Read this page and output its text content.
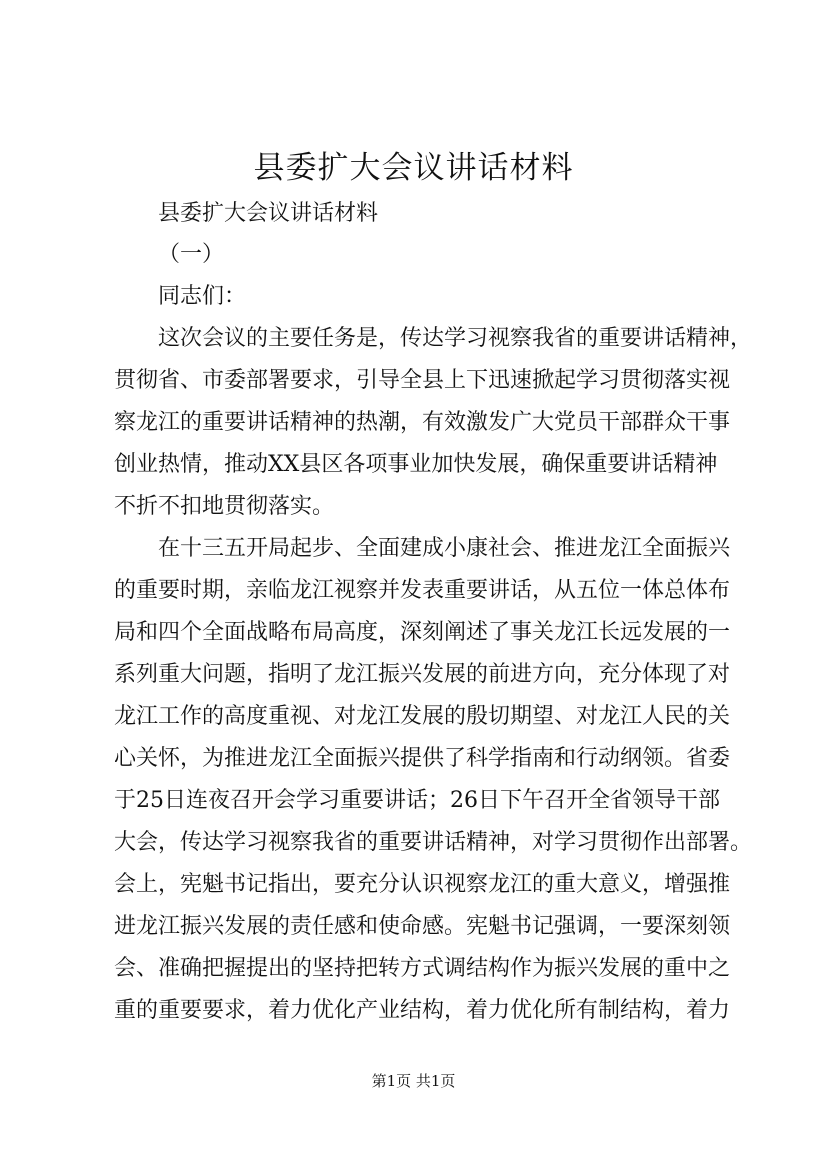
县委扩大会议讲话材料
县委扩大会议讲话材料
（一）
同志们：
这次会议的主要任务是，传达学习视察我省的重要讲话精神，
贯彻省、市委部署要求，引导全县上下迅速掀起学习贯彻落实视
察龙江的重要讲话精神的热潮，有效激发广大党员干部群众干事
创业热情，推动XX县区各项事业加快发展，确保重要讲话精神
不折不扣地贯彻落实。
在十三五开局起步、全面建成小康社会、推进龙江全面振兴
的重要时期，亲临龙江视察并发表重要讲话，从五位一体总体布
局和四个全面战略布局高度，深刻阐述了事关龙江长远发展的一
系列重大问题，指明了龙江振兴发展的前进方向，充分体现了对
龙江工作的高度重视、对龙江发展的殷切期望、对龙江人民的关
心关怀，为推进龙江全面振兴提供了科学指南和行动纲领。省委
于25日连夜召开会学习重要讲话；26日下午召开全省领导干部
大会，传达学习视察我省的重要讲话精神，对学习贯彻作出部署。
会上，宪魁书记指出，要充分认识视察龙江的重大意义，增强推
进龙江振兴发展的责任感和使命感。宪魁书记强调，一要深刻领
会、准确把握提出的坚持把转方式调结构作为振兴发展的重中之
重的重要要求，着力优化产业结构，着力优化所有制结构，着力
第1页 共1页
